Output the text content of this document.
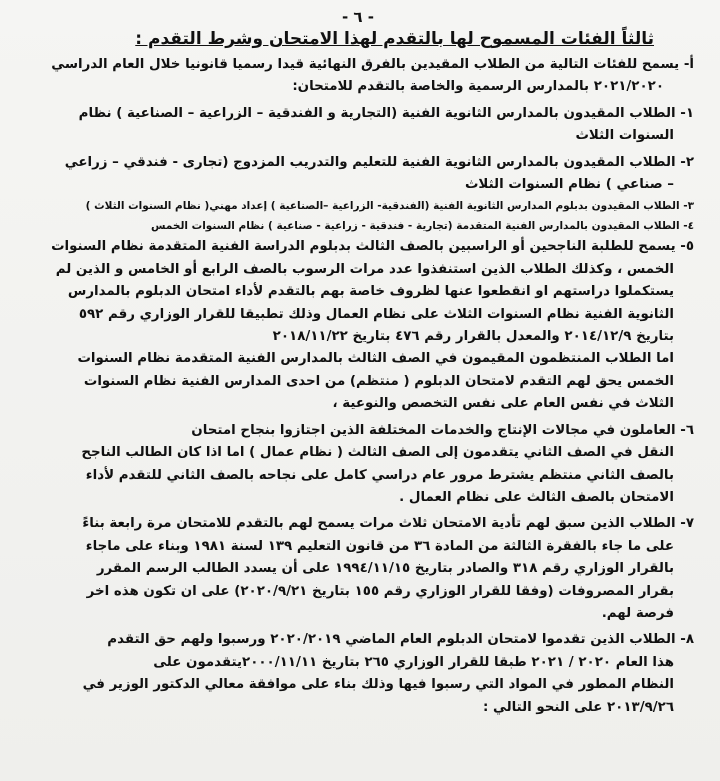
- ٦ -
ثالثاً الفئات المسموح لها بالتقدم لهذا الامتحان وشرط التقدم :
أ- يسمح للفئات التالية من الطلاب المقيدين بالفرق النهائية قيدا رسميا قانونيا خلال العام الدراسي
٢٠٢١/٢٠٢٠ بالمدارس الرسمية والخاصة بالتقدم للامتحان:
١- الطلاب المقيدون بالمدارس الثانوية الفنية (التجارية و الفندقية – الزراعية – الصناعية ) نظام
السنوات الثلاث
٢- الطلاب المقيدون بالمدارس الثانوية الفنية للتعليم والتدريب المزدوج (تجارى - فندقي – زراعي
– صناعي ) نظام السنوات الثلاث
٣- الطلاب المقيدون بدبلوم المدارس الثانوية الفنية (الفندقية- الزراعية –الصناعية ) إعداد مهني( نظام السنوات الثلاث )
٤- الطلاب المقيدون بالمدارس الفنية المتقدمة (تجارية - فندقية - زراعية - صناعية ) نظام السنوات الخمس
٥- يسمح للطلبة الناجحين أو الراسبين بالصف الثالث بدبلوم الدراسة الفنية المتقدمة نظام السنوات
الخمس ، وكذلك الطلاب الذين استنفذوا عدد مرات الرسوب بالصف الرابع أو الخامس و الذين لم
يستكملوا دراستهم او انقطعوا عنها لظروف خاصة بهم بالتقدم لأداء امتحان الدبلوم بالمدارس
الثانوية الفنية نظام السنوات الثلاث على نظام العمال وذلك تطبيقا للقرار الوزاري رقم ٥٩٢
بتاريخ ٢٠١٤/١٢/٩ والمعدل بالقرار رقم ٤٧٦ بتاريخ ٢٠١٨/١١/٢٢
اما الطلاب المنتظمون المقيمون في الصف الثالث بالمدارس الفنية المتقدمة نظام السنوات
الخمس يحق لهم التقدم لامتحان الدبلوم ( منتظم) من احدى المدارس الفنية نظام السنوات
الثلاث في نفس العام على نفس التخصص والنوعية ،
٦- العاملون في مجالات الإنتاج والخدمات المختلفة الذين اجتازوا بنجاح امتحان
النقل في الصف الثاني يتقدمون إلى الصف الثالث ( نظام عمال ) اما اذا كان الطالب الناجح
بالصف الثاني منتظم يشترط مرور عام دراسي كامل على نجاحه بالصف الثاني للتقدم لأداء
الامتحان بالصف الثالث على نظام العمال .
٧- الطلاب الذين سبق لهم تأدية الامتحان ثلاث مرات يسمح لهم بالتقدم للامتحان مرة رابعة بناءً
على ما جاء بالفقرة الثالثة من المادة ٣٦ من قانون التعليم ١٣٩ لسنة ١٩٨١ وبناء على ماجاء
بالقرار الوزاري رقم ٣١٨ والصادر بتاريخ ١٩٩٤/١١/١٥ على أن يسدد الطالب الرسم المقرر
بقرار المصروفات (وفقا للقرار الوزاري رقم ١٥٥ بتاريخ ٢٠٢٠/٩/٢١) على ان تكون هذه اخر
فرصة لهم.
٨- الطلاب الذين تقدموا لامتحان الدبلوم العام الماضي ٢٠٢٠/٢٠١٩ ورسبوا ولهم حق التقدم
هذا العام ٢٠٢٠ / ٢٠٢١ طبقا للقرار الوزاري ٢٦٥ بتاريخ ٢٠٠٠/١١/١١يتقدمون على
النظام المطور في المواد التي رسبوا فيها وذلك بناء على موافقة معالي الدكتور الوزير في
٢٠١٣/٩/٢٦ على النحو التالي :
